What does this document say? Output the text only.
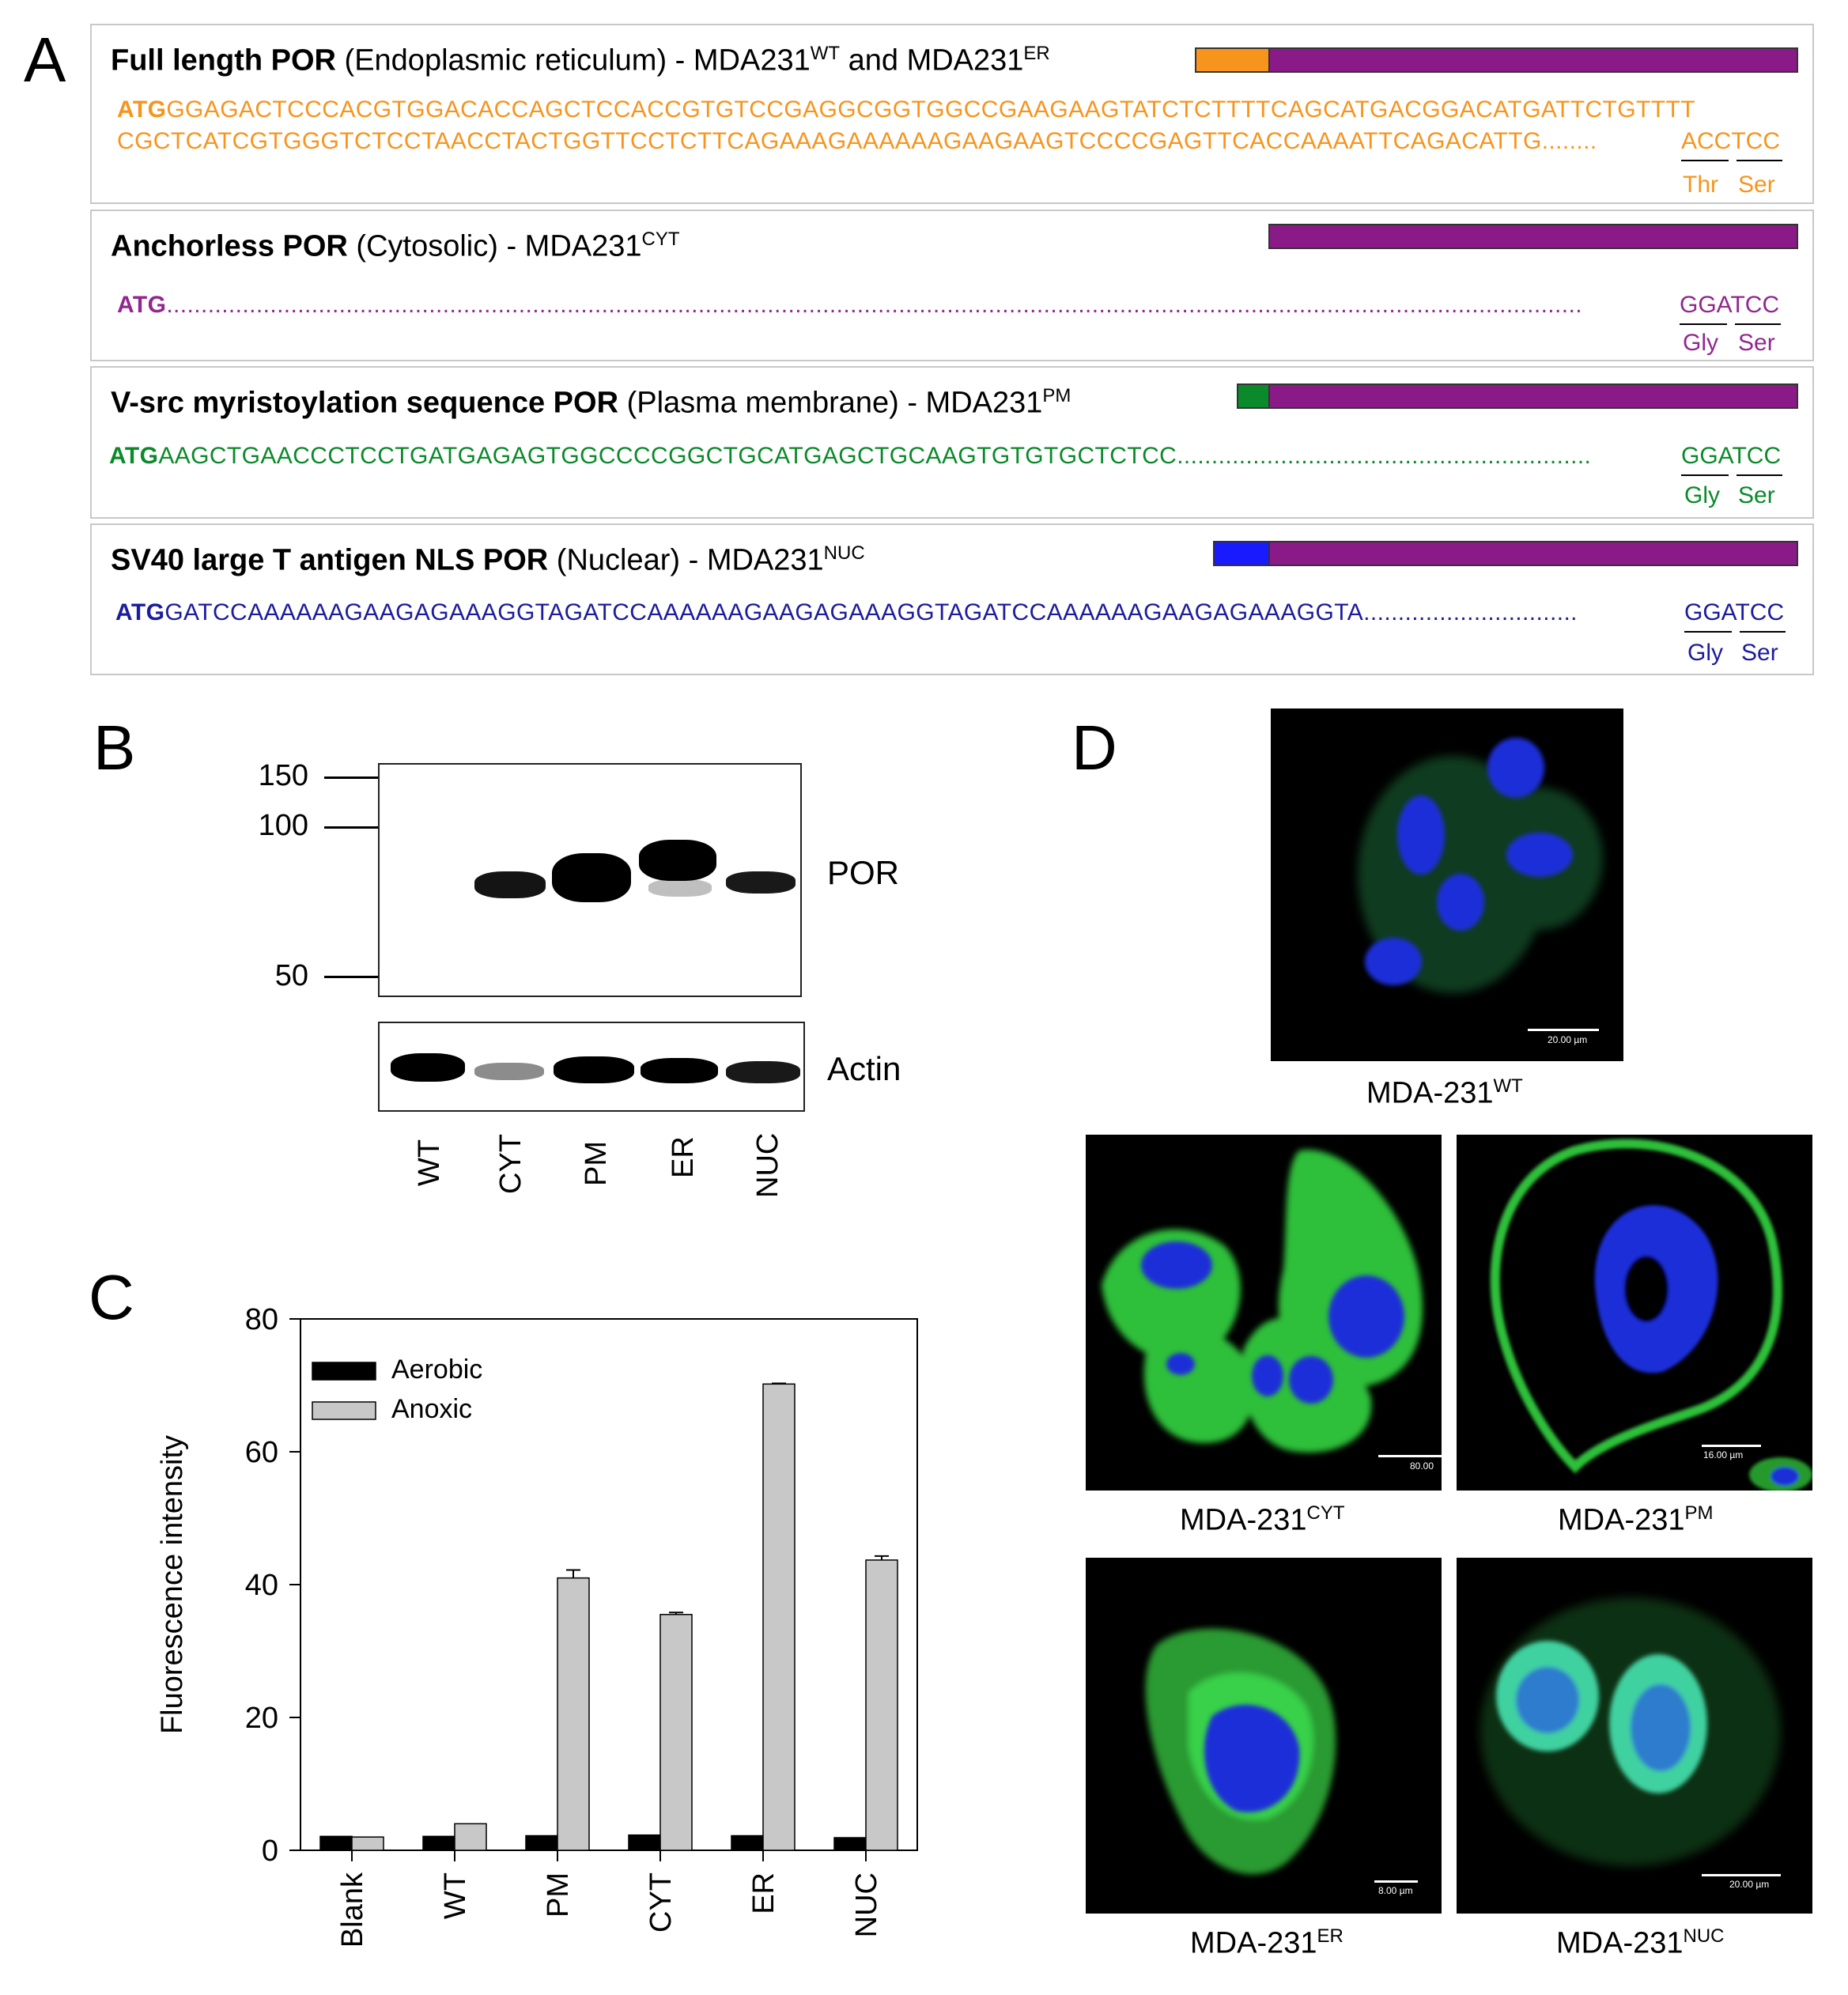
A
B
C
D
Full length POR (Endoplasmic reticulum) - $MDA231^{WT}$ and MDA231ER
ATGGGAGACTCCCACGTGGACACCAGCTCCACCGTGTCCGAGGCGGTGGCCGAAGAAGTATCTCTTTTCAGCATGACGGACATGATTCTGTTTT
CGCTCATCGTGGGTCTCCTAACCTACTGGTTCCTCTTCAGAAAGAAAAAAGAAGAAGTCCCCGAGTTCACCAAAATTCAGACATTG........	ACCTCC
Thr Ser
Anchorless POR (Cytosolic) - $MDA231^{CYT}$
ATG.............................................................................................................................................................................................................	GGATCC
Gly Ser
V-src myristoylation sequence POR (Plasma membrane) - $MDA231^{PM}$
ATGAAGCTGAACCCTCCTGATGAGAGTGGCCCCGGCTGCATGAGCTGCAAGTGTGTGCTCTCC............................................................	GGATCC
Gly Ser
SV40 large T antigen NLS POR (Nuclear) - $MDA231^{NUC}$
ATGGATCCAAAAAAGAAGAGAAAGGTAGATCCAAAAAAGAAGAGAAAGGTAGATCCAAAAAAGAAGAGAAAGGTA...............................	GGATCC
Gly Ser
150
100
50
POR
Actin
WT CYT PM ER NUC
0
20
40
60
80
Fluorescence intensity
Blank WT PM CYT ER NUC
Aerobic
Anoxic
20.00 µm
MDA-$231^{WT}$
80.00
MDA-$231^{CYT}$
16.00 µm
MDA-$231^{PM}$
8.00 µm
MDA-231ER
20.00 µm
MDA-$231^{NUC}$
